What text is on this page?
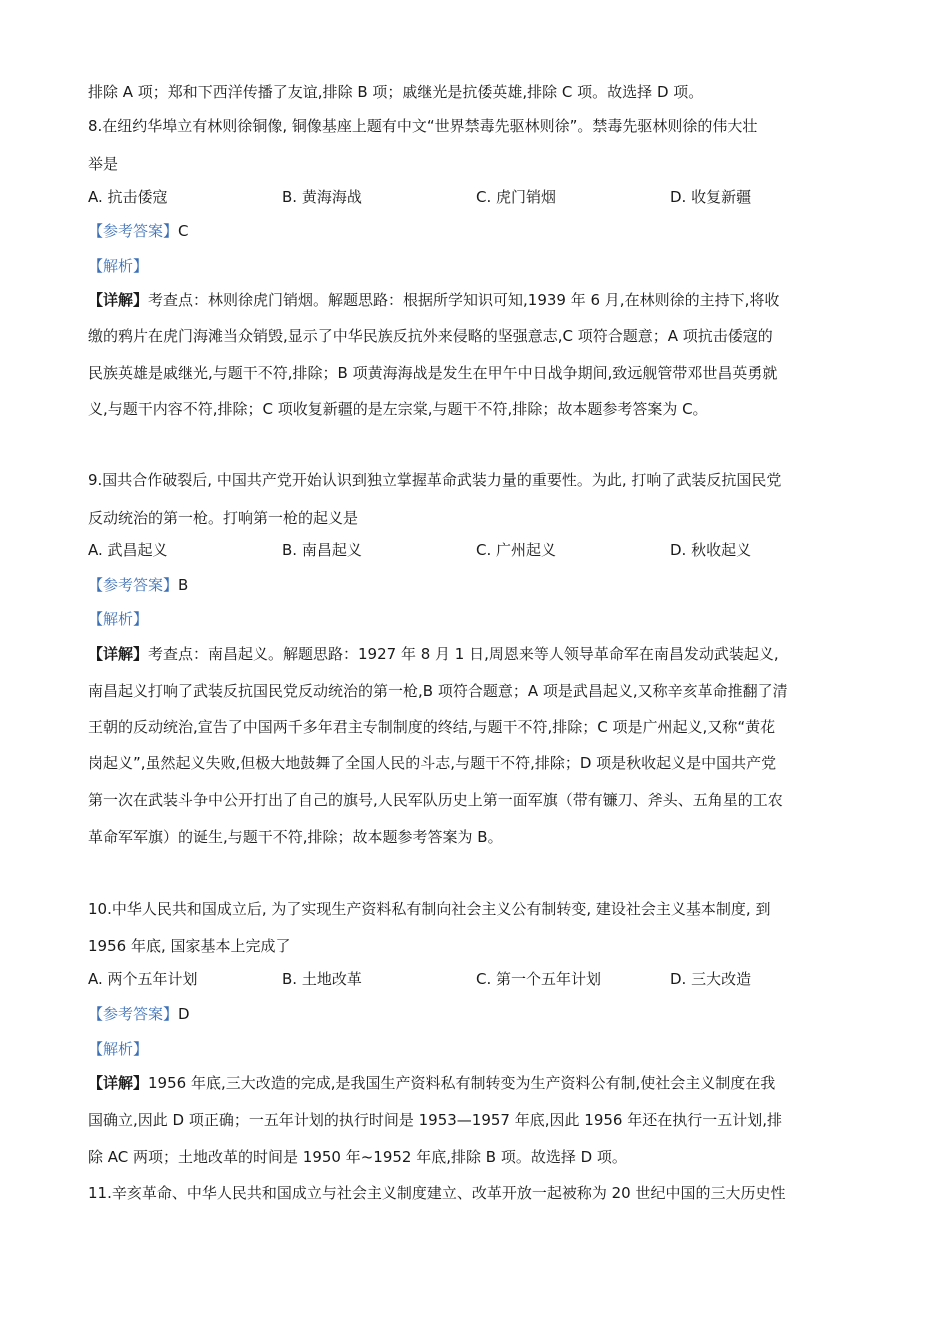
排除 A 项；郑和下西洋传播了友谊,排除 B 项；戚继光是抗倭英雄,排除 C 项。故选择 D 项。

8.在纽约华埠立有林则徐铜像, 铜像基座上题有中文“世界禁毒先驱林则徐”。禁毒先驱林则徐的伟大壮

举是

A. 抗击倭寇	B. 黄海海战	C. 虎门销烟	D. 收复新疆

【参考答案】C

【解析】

【详解】考查点：林则徐虎门销烟。解题思路：根据所学知识可知,1939 年 6 月,在林则徐的主持下,将收

缴的鸦片在虎门海滩当众销毁,显示了中华民族反抗外来侵略的坚强意志,C 项符合题意；A 项抗击倭寇的

民族英雄是戚继光,与题干不符,排除；B 项黄海海战是发生在甲午中日战争期间,致远舰管带邓世昌英勇就

义,与题干内容不符,排除；C 项收复新疆的是左宗棠,与题干不符,排除；故本题参考答案为 C。

9.国共合作破裂后, 中国共产党开始认识到独立掌握革命武装力量的重要性。为此, 打响了武装反抗国民党

反动统治的第一枪。打响第一枪的起义是

A. 武昌起义	B. 南昌起义	C. 广州起义	D. 秋收起义

【参考答案】B

【解析】

【详解】考查点：南昌起义。解题思路：1927 年 8 月 1 日,周恩来等人领导革命军在南昌发动武装起义,

南昌起义打响了武装反抗国民党反动统治的第一枪,B 项符合题意；A 项是武昌起义,又称辛亥革命推翻了清

王朝的反动统治,宣告了中国两千多年君主专制制度的终结,与题干不符,排除；C 项是广州起义,又称“黄花

岗起义”,虽然起义失败,但极大地鼓舞了全国人民的斗志,与题干不符,排除；D 项是秋收起义是中国共产党

第一次在武装斗争中公开打出了自己的旗号,人民军队历史上第一面军旗（带有镰刀、斧头、五角星的工农

革命军军旗）的诞生,与题干不符,排除；故本题参考答案为 B。

10.中华人民共和国成立后, 为了实现生产资料私有制向社会主义公有制转变, 建设社会主义基本制度, 到

1956 年底, 国家基本上完成了

A. 两个五年计划	B. 土地改革	C. 第一个五年计划	D. 三大改造

【参考答案】D

【解析】

【详解】1956 年底,三大改造的完成,是我国生产资料私有制转变为生产资料公有制,使社会主义制度在我

国确立,因此 D 项正确；一五年计划的执行时间是 1953—1957 年底,因此 1956 年还在执行一五计划,排

除 AC 两项；土地改革的时间是 1950 年~1952 年底,排除 B 项。故选择 D 项。

11.辛亥革命、中华人民共和国成立与社会主义制度建立、改革开放一起被称为 20 世纪中国的三大历史性
